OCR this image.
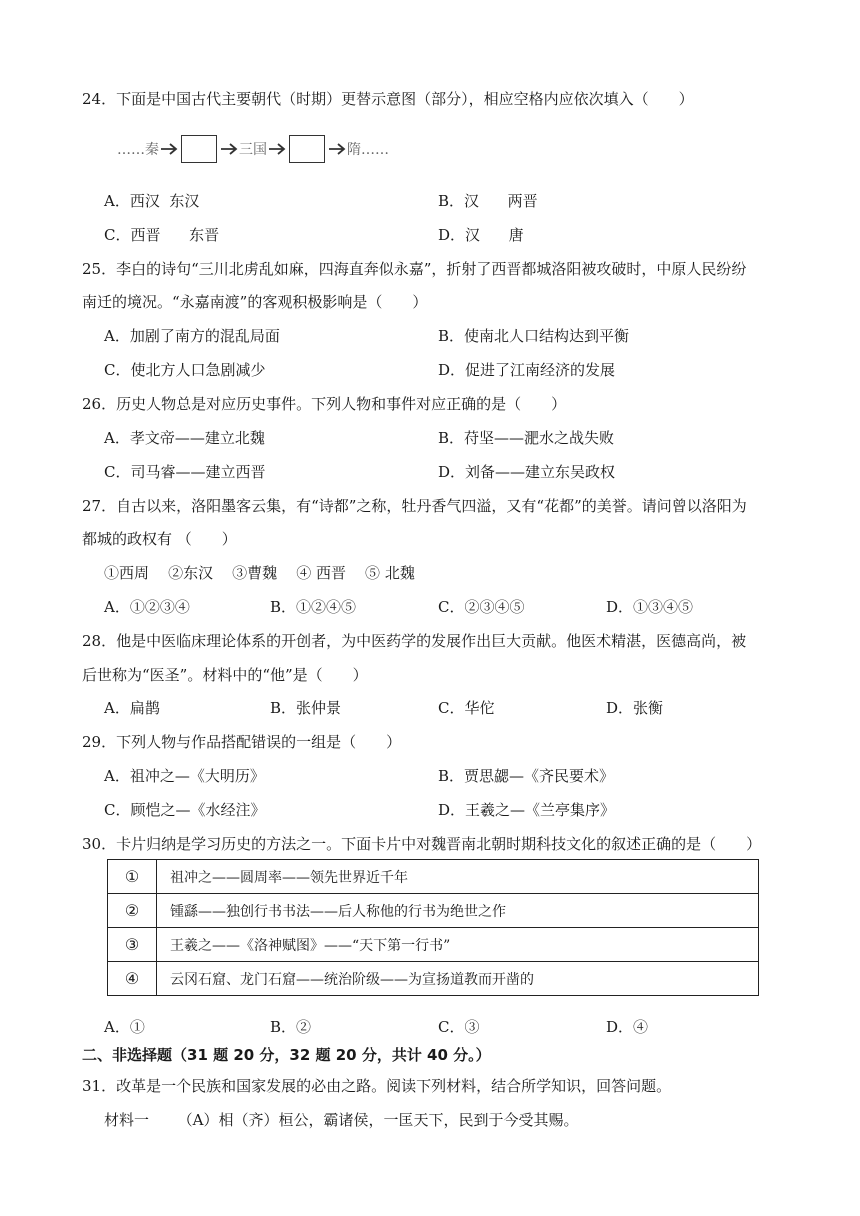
24．下面是中国古代主要朝代（时期）更替示意图（部分），相应空格内应依次填入（　　）
……秦	三国	隋……
A．西汉  东汉	B．汉      两晋
C．西晋      东晋	D．汉      唐
25．李白的诗句“三川北虏乱如麻，四海直奔似永嘉”，折射了西晋都城洛阳被攻破时，中原人民纷纷
南迁的境况。“永嘉南渡”的客观积极影响是（　　）
A．加剧了南方的混乱局面	B．使南北人口结构达到平衡
C．使北方人口急剧减少	D．促进了江南经济的发展
26．历史人物总是对应历史事件。下列人物和事件对应正确的是（　　）
A．孝文帝——建立北魏	B．苻坚——淝水之战失败
C．司马睿——建立西晋	D．刘备——建立东吴政权
27．自古以来，洛阳墨客云集，有“诗都”之称，牡丹香气四溢，又有“花都”的美誉。请问曾以洛阳为
都城的政权有 （　　）
①西周    ②东汉    ③曹魏    ④ 西晋    ⑤ 北魏
A．①②③④	B．①②④⑤	C．②③④⑤	D．①③④⑤
28．他是中医临床理论体系的开创者，为中医药学的发展作出巨大贡献。他医术精湛，医德高尚，被
后世称为“医圣”。材料中的“他”是（　　）
A．扁鹊	B．张仲景	C．华佗	D．张衡
29．下列人物与作品搭配错误的一组是（　　）
A．祖冲之—《大明历》	B．贾思勰—《齐民要术》
C．顾恺之—《水经注》	D．王羲之—《兰亭集序》
30．卡片归纳是学习历史的方法之一。下面卡片中对魏晋南北朝时期科技文化的叙述正确的是（　　）
①	祖冲之——圆周率——领先世界近千年
②	锺繇——独创行书书法——后人称他的行书为绝世之作
③	王羲之——《洛神赋图》——“天下第一行书”
④	云冈石窟、龙门石窟——统治阶级——为宣扬道教而开凿的
A．①	B．②	C．③	D．④
二、非选择题（31 题 20 分，32 题 20 分，共计 40 分。）
31．改革是一个民族和国家发展的必由之路。阅读下列材料，结合所学知识，回答问题。
材料一      （A）相（齐）桓公，霸诸侯，一匡天下，民到于今受其赐。
